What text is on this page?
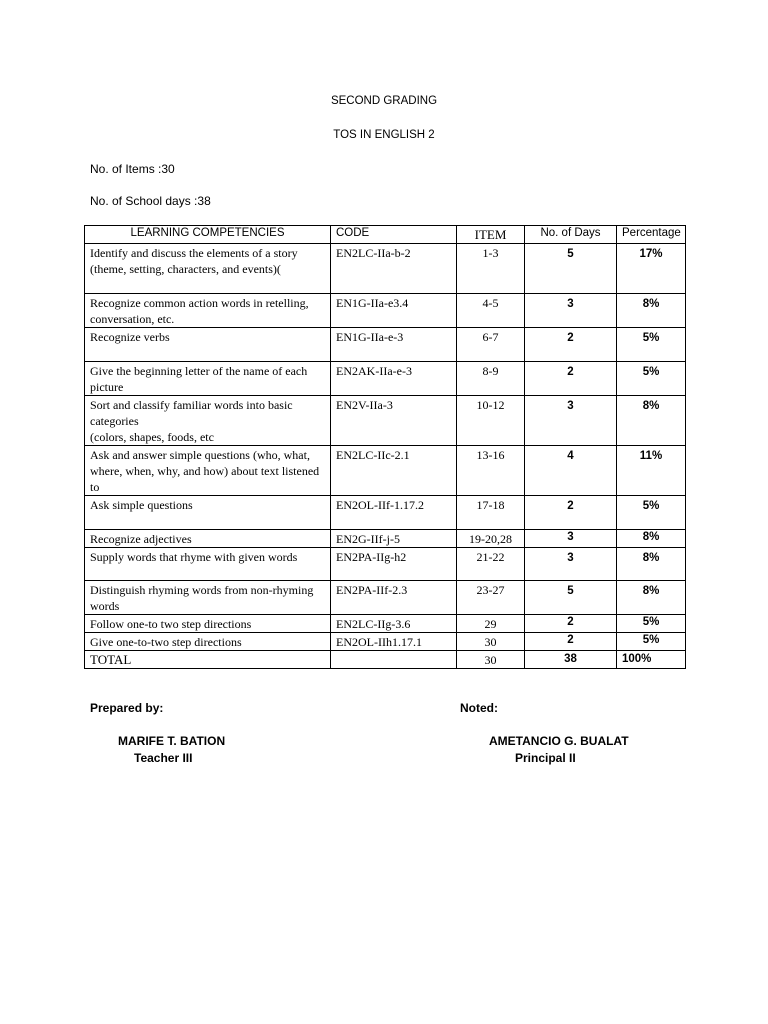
SECOND GRADING
TOS IN ENGLISH 2
No. of Items :30
No. of School days :38
LEARNING COMPETENCIES	CODE	ITEM	No. of Days	Percentage
Identify and discuss the elements of a story (theme, setting, characters, and events)(	EN2LC-IIa-b-2	1-3	5	17%
Recognize common action words in retelling, conversation, etc.	EN1G-IIa-e3.4	4-5	3	8%
Recognize verbs	EN1G-IIa-e-3	6-7	2	5%
Give the beginning letter of the name of each picture	EN2AK-IIa-e-3	8-9	2	5%
Sort and classify familiar words into basic categories
(colors, shapes, foods, etc	EN2V-IIa-3	10-12	3	8%
Ask and answer simple questions (who, what, where, when, why, and how) about text listened to	EN2LC-IIc-2.1	13-16	4	11%
Ask simple questions	EN2OL-IIf-1.17.2	17-18	2	5%
Recognize adjectives	EN2G-IIf-j-5	19-20,28	3	8%
Supply words that rhyme with given words	EN2PA-IIg-h2	21-22	3	8%
Distinguish rhyming words from non-rhyming words	EN2PA-IIf-2.3	23-27	5	8%
Follow one-to two step directions	EN2LC-IIg-3.6	29	2	5%
Give one-to-two step directions	EN2OL-IIh1.17.1	30	2	5%
TOTAL		30	38	100%
Prepared by:
MARIFE T. BATION
Teacher III
Noted:
AMETANCIO G. BUALAT
Principal II
